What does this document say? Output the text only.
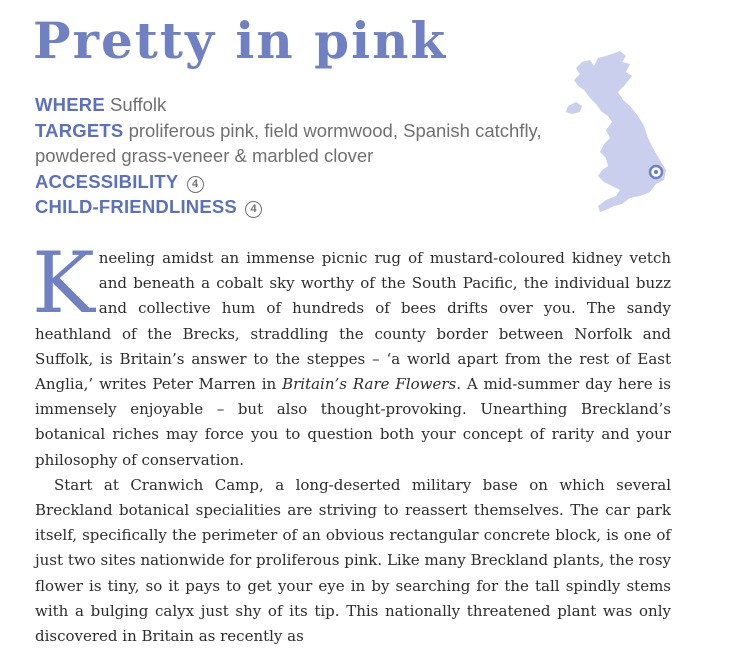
Pretty in pink
WHERE Suffolk
TARGETS proliferous pink, field wormwood, Spanish catchfly,
powdered grass-veneer & marbled clover
ACCESSIBILITY 4
CHILD-FRIENDLINESS 4

Kneeling amidst an immense picnic rug of mustard-coloured kidney vetch and beneath a cobalt sky worthy of the South Pacific, the individual buzz and collective hum of hundreds of bees drifts over you. The sandy heathland of the Brecks, straddling the county border between Norfolk and Suffolk, is Britain’s answer to the steppes – ‘a world apart from the rest of East Anglia,’ writes Peter Marren in Britain’s Rare Flowers. A mid-summer day here is immensely enjoyable – but also thought-provoking. Unearthing Breckland’s botanical riches may force you to question both your concept of rarity and your philosophy of conservation.

Start at Cranwich Camp, a long-deserted military base on which several Breckland botanical specialities are striving to reassert themselves. The car park itself, specifically the perimeter of an obvious rectangular concrete block, is one of just two sites nationwide for proliferous pink. Like many Breckland plants, the rosy flower is tiny, so it pays to get your eye in by searching for the tall spindly stems with a bulging calyx just shy of its tip. This nationally threatened plant was only discovered in Britain as recently as
